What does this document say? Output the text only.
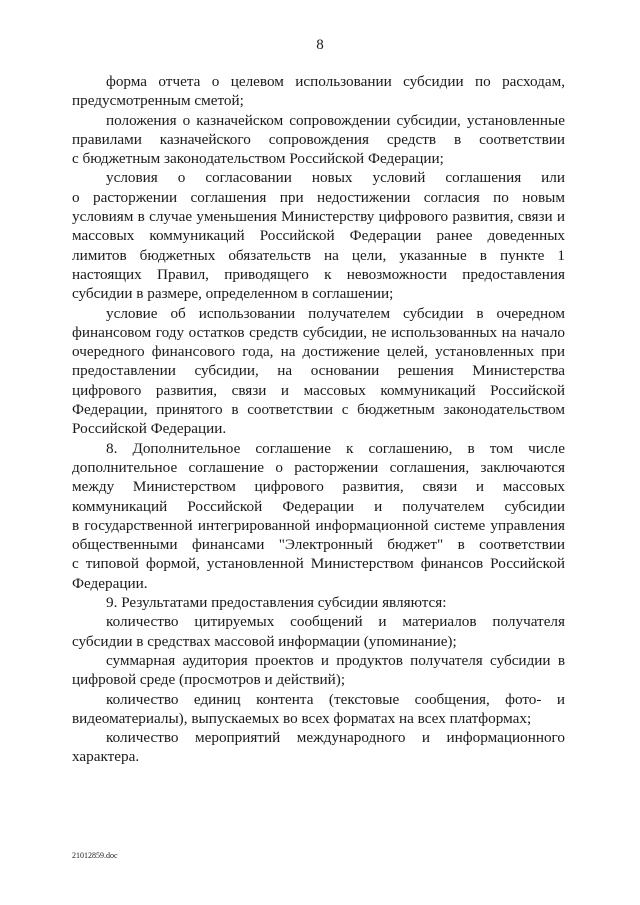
8
форма отчета о целевом использовании субсидии по расходам,
предусмотренным сметой;
положения о казначейском сопровождении субсидии, установленные
правилами казначейского сопровождения средств в соответствии
с бюджетным законодательством Российской Федерации;
условия о согласовании новых условий соглашения или
о расторжении соглашения при недостижении согласия по новым
условиям в случае уменьшения Министерству цифрового развития, связи и
массовых коммуникаций Российской Федерации ранее доведенных
лимитов бюджетных обязательств на цели, указанные в пункте 1
настоящих Правил, приводящего к невозможности предоставления
субсидии в размере, определенном в соглашении;
условие об использовании получателем субсидии в очередном
финансовом году остатков средств субсидии, не использованных на начало
очередного финансового года, на достижение целей, установленных при
предоставлении субсидии, на основании решения Министерства
цифрового развития, связи и массовых коммуникаций Российской
Федерации, принятого в соответствии с бюджетным законодательством
Российской Федерации.
8. Дополнительное соглашение к соглашению, в том числе
дополнительное соглашение о расторжении соглашения, заключаются
между Министерством цифрового развития, связи и массовых
коммуникаций Российской Федерации и получателем субсидии
в государственной интегрированной информационной системе управления
общественными финансами "Электронный бюджет" в соответствии
с типовой формой, установленной Министерством финансов Российской
Федерации.
9. Результатами предоставления субсидии являются:
количество цитируемых сообщений и материалов получателя
субсидии в средствах массовой информации (упоминание);
суммарная аудитория проектов и продуктов получателя субсидии в
цифровой среде (просмотров и действий);
количество единиц контента (текстовые сообщения, фото- и
видеоматериалы), выпускаемых во всех форматах на всех платформах;
количество мероприятий международного и информационного
характера.
21012859.doc
